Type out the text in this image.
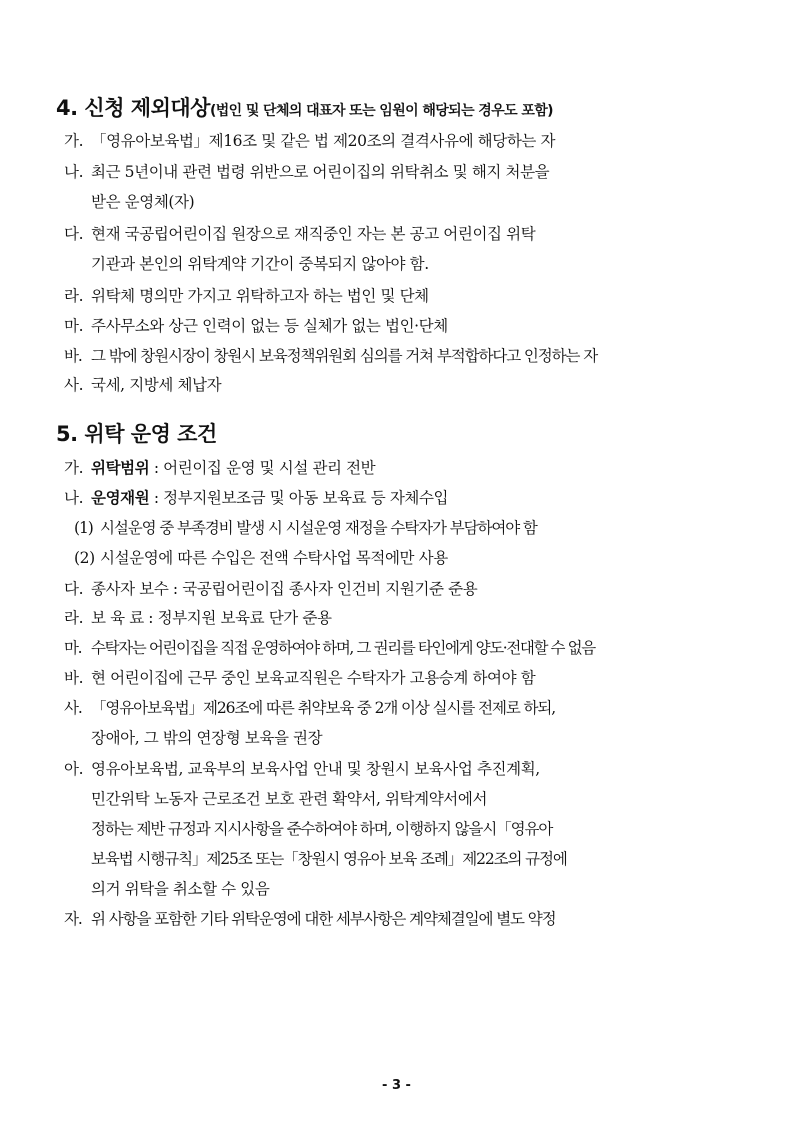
4. 신청 제외대상(법인 및 단체의 대표자 또는 임원이 해당되는 경우도 포함)
가. 「영유아보육법」제16조 및 같은 법 제20조의 결격사유에 해당하는 자
나. 최근 5년이내 관련 법령 위반으로 어린이집의 위탁취소 및 해지 처분을
받은 운영체(자)
다. 현재 국공립어린이집 원장으로 재직중인 자는 본 공고 어린이집 위탁
기관과 본인의 위탁계약 기간이 중복되지 않아야 함.
라. 위탁체 명의만 가지고 위탁하고자 하는 법인 및 단체
마. 주사무소와 상근 인력이 없는 등 실체가 없는 법인·단체
바. 그 밖에 창원시장이 창원시 보육정책위원회 심의를 거쳐 부적합하다고 인정하는 자
사. 국세, 지방세 체납자
5. 위탁 운영 조건
가. 위탁범위 : 어린이집 운영 및 시설 관리 전반
나. 운영재원 : 정부지원보조금 및 아동 보육료 등 자체수입
(1) 시설운영 중 부족경비 발생 시 시설운영 재정을 수탁자가 부담하여야 함
(2) 시설운영에 따른 수입은 전액 수탁사업 목적에만 사용
다. 종사자 보수 : 국공립어린이집 종사자 인건비 지원기준 준용
라. 보 육 료 : 정부지원 보육료 단가 준용
마. 수탁자는 어린이집을 직접 운영하여야 하며, 그 권리를 타인에게 양도·전대할 수 없음
바. 현 어린이집에 근무 중인 보육교직원은 수탁자가 고용승계 하여야 함
사. 「영유아보육법」제26조에 따른 취약보육 중 2개 이상 실시를 전제로 하되,
장애아, 그 밖의 연장형 보육을 권장
아. 영유아보육법, 교육부의 보육사업 안내 및 창원시 보육사업 추진계획,
민간위탁 노동자 근로조건 보호 관련 확약서, 위탁계약서에서
정하는 제반 규정과 지시사항을 준수하여야 하며, 이행하지 않을시「영유아
보육법 시행규칙」제25조 또는「창원시 영유아 보육 조례」제22조의 규정에
의거 위탁을 취소할 수 있음
자. 위 사항을 포함한 기타 위탁운영에 대한 세부사항은 계약체결일에 별도 약정
- 3 -
